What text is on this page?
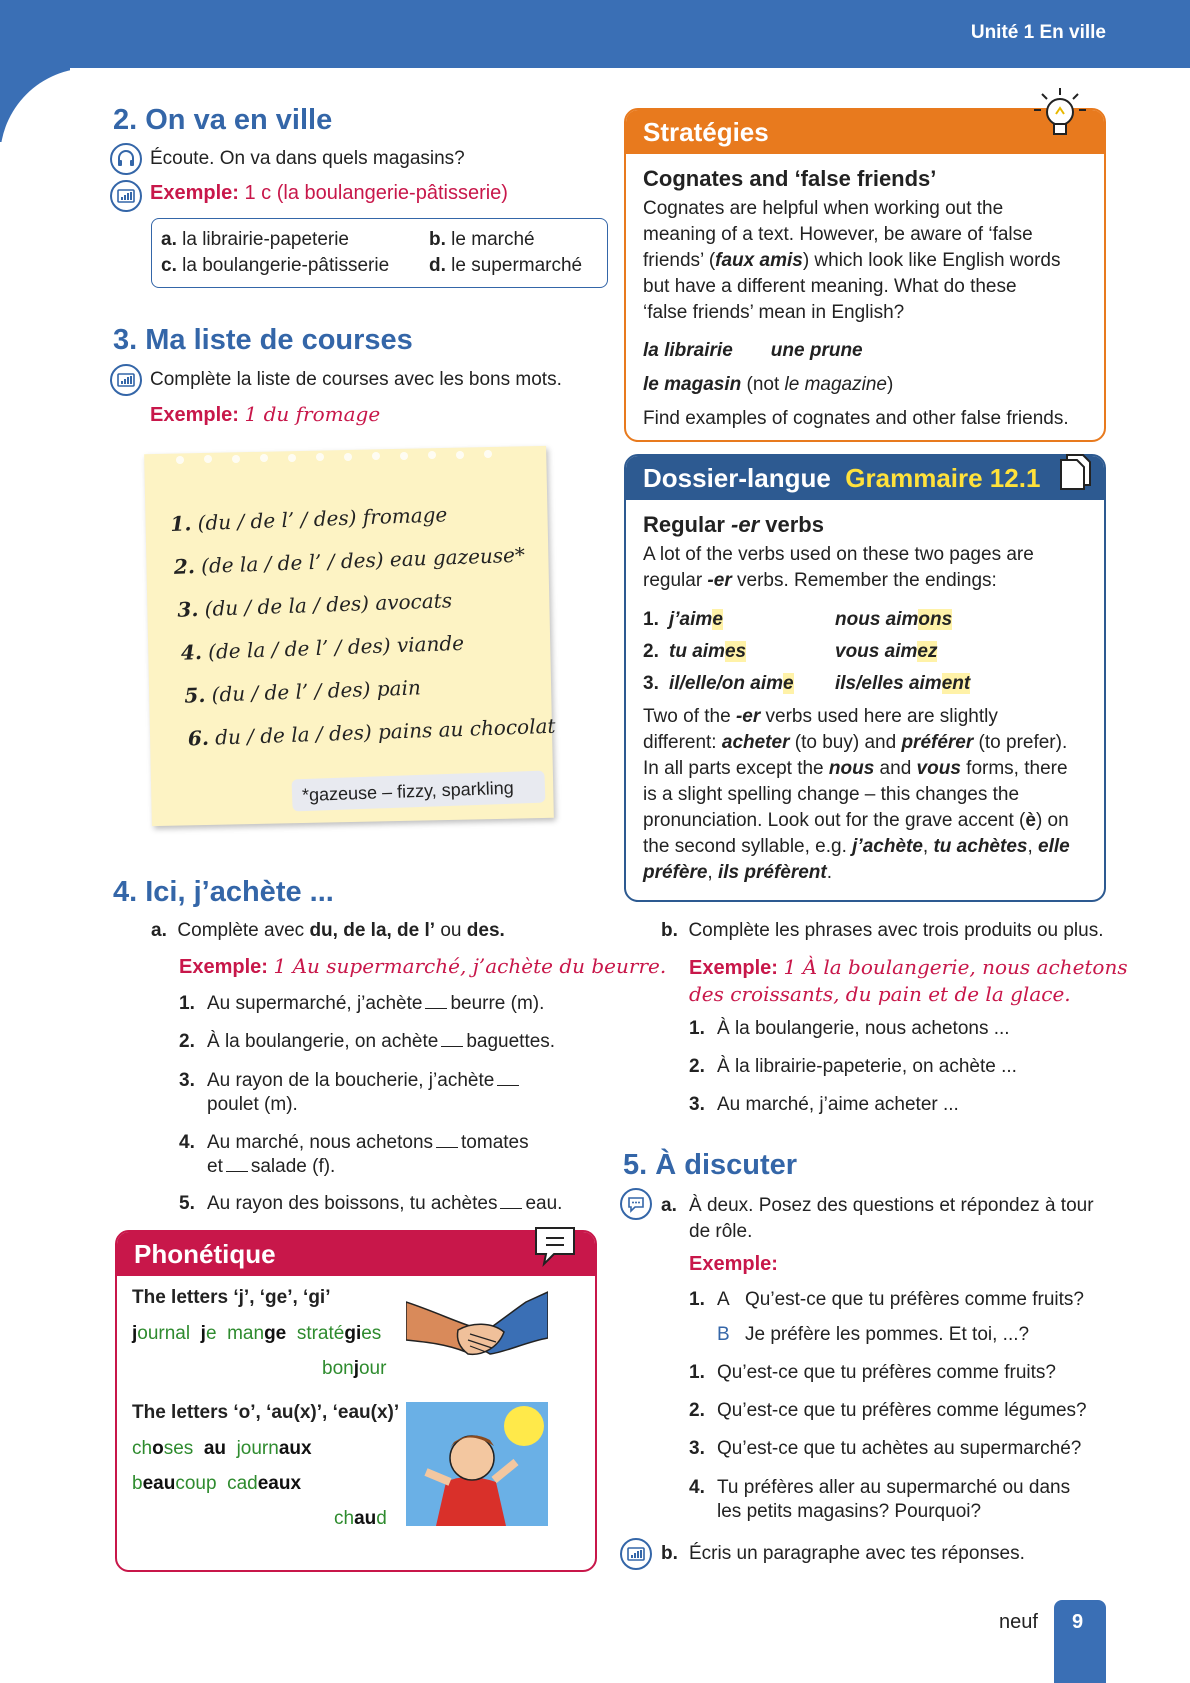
Unité 1 En ville
2. On va en ville
Écoute. On va dans quels magasins?
Exemple: 1 c (la boulangerie-pâtisserie)
a. la librairie-papeterie	b. le marché
c. la boulangerie-pâtisserie d. le supermarché
3. Ma liste de courses
Complète la liste de courses avec les bons mots.
Exemple: 1 du fromage
1. (du / de l’ / des) fromage
2. (de la / de l’ / des) eau gazeuse*
3. (du / de la / des) avocats
4. (de la / de l’ / des) viande
5. (du / de l’ / des) pain
6. du / de la / des) pains au chocolat
*gazeuse – fizzy, sparkling
Stratégies
Cognates and ‘false friends’
Cognates are helpful when working out the
meaning of a text. However, be aware of ‘false
friends’ (faux amis) which look like English words
but have a different meaning. What do these
‘false friends’ mean in English?
la librairie une prune
le magasin (not le magazine)
Find examples of cognates and other false friends.
Dossier-langue Grammaire 12.1
Regular -er verbs
A lot of the verbs used on these two pages are
regular -er verbs. Remember the endings:
1. j’aime	nous aimons
2. tu aimes	vous aimez
3. il/elle/on aime ils/elles aiment
Two of the -er verbs used here are slightly
different: acheter (to buy) and préférer (to prefer).
In all parts except the nous and vous forms, there
is a slight spelling change – this changes the
pronunciation. Look out for the grave accent (è) on
the second syllable, e.g. j’achète, tu achètes, elle
préfère, ils préfèrent.
4. Ici, j’achète ...
a. Complète avec du, de la, de l’ ou des.
Exemple: 1 Au supermarché, j’achète du beurre.
1. Au supermarché, j’achète beurre (m).
2. À la boulangerie, on achète baguettes.
3. Au rayon de la boucherie, j’achète
poulet (m).
4. Au marché, nous achetons tomates
et salade (f).
5. Au rayon des boissons, tu achètes eau.
b. Complète les phrases avec trois produits ou plus.
Exemple: 1 À la boulangerie, nous achetons
des croissants, du pain et de la glace.
1. À la boulangerie, nous achetons ...
2. À la librairie-papeterie, on achète ...
3. Au marché, j’aime acheter ...
Phonétique
The letters ‘j’, ‘ge’, ‘gi’
journal je mange stratégies
bonjour
The letters ‘o’, ‘au(x)’, ‘eau(x)’
choses au journaux
beaucoup cadeaux
chaud
5. À discuter
a. À deux. Posez des questions et répondez à tour
de rôle.
Exemple:
1. A Qu’est-ce que tu préfères comme fruits?
B Je préfère les pommes. Et toi, ...?
1. Qu’est-ce que tu préfères comme fruits?
2. Qu’est-ce que tu préfères comme légumes?
3. Qu’est-ce que tu achètes au supermarché?
4. Tu préfères aller au supermarché ou dans
les petits magasins? Pourquoi?
b. Écris un paragraphe avec tes réponses.
neuf 9
